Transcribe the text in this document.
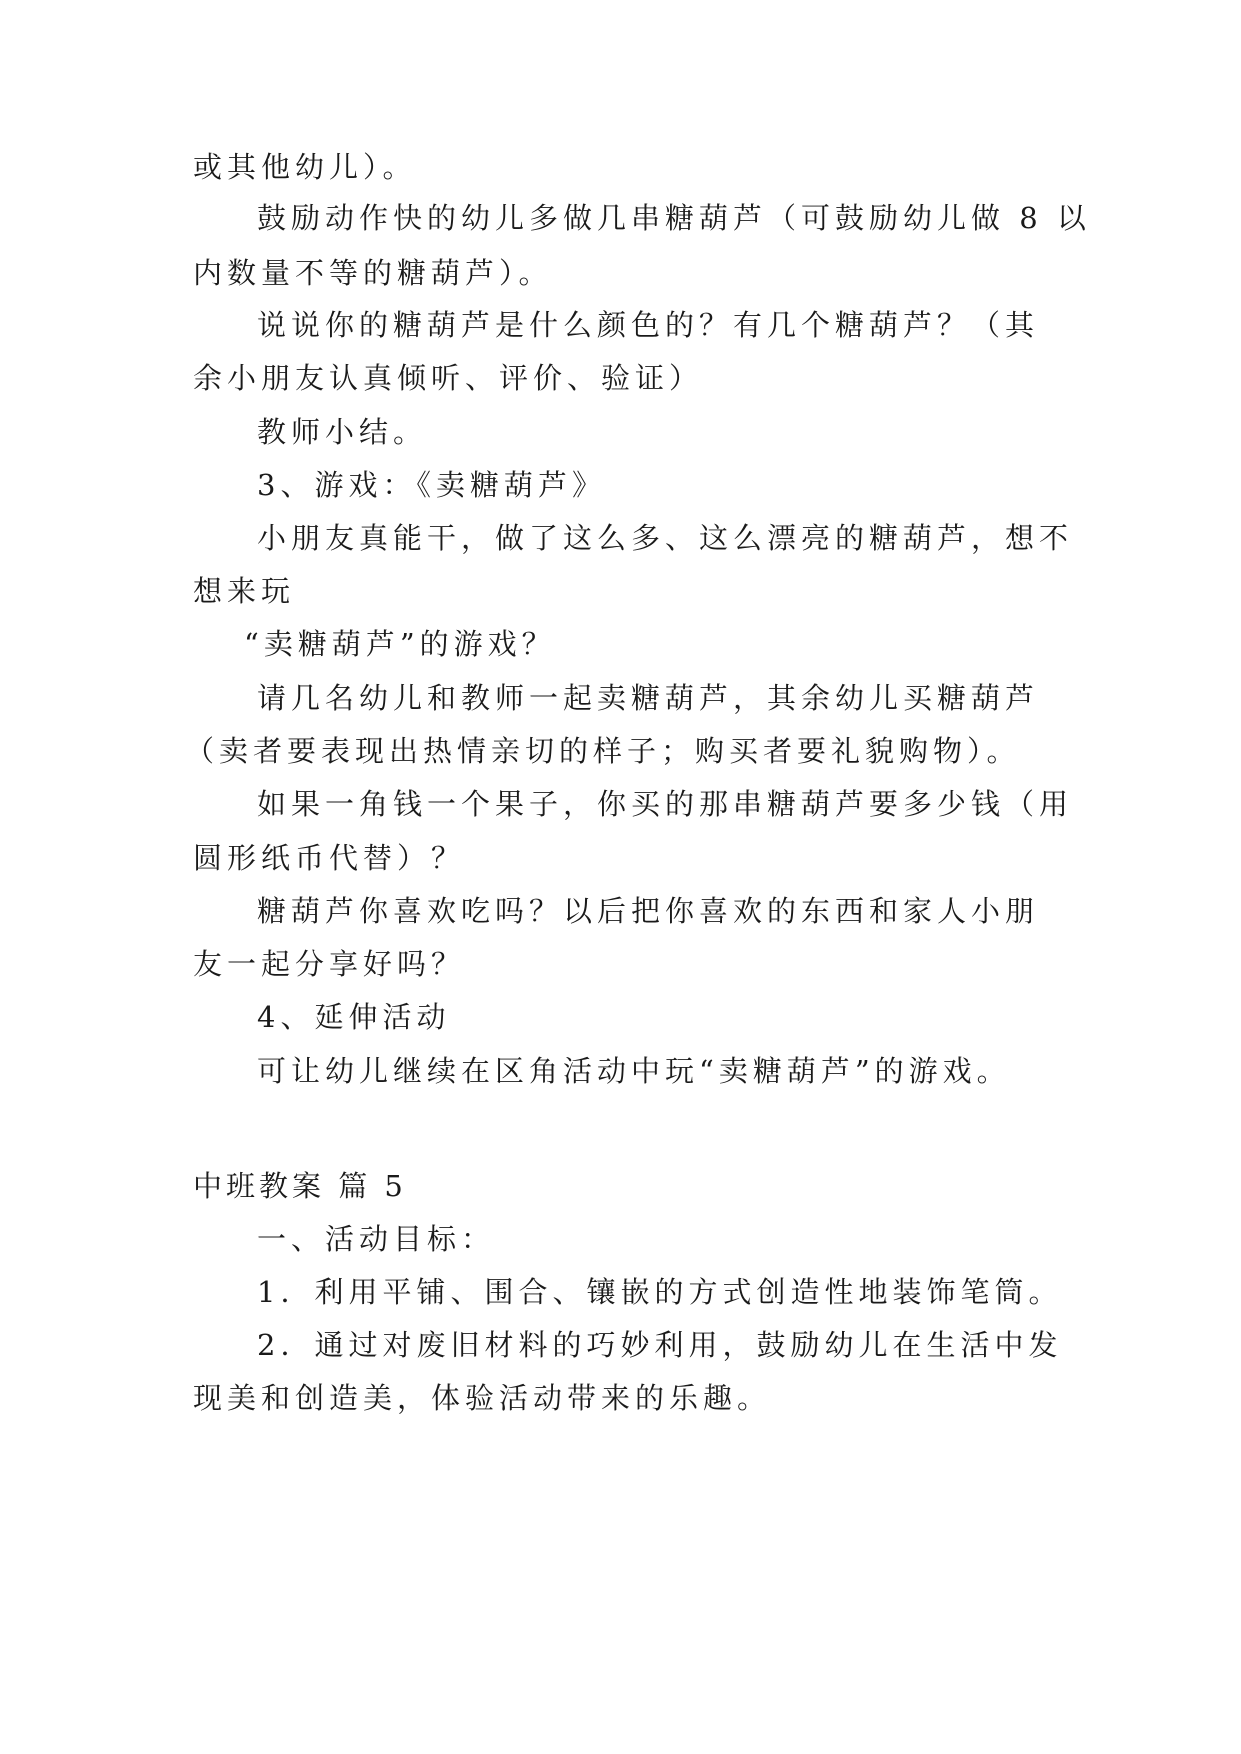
或其他幼儿）。

鼓励动作快的幼儿多做几串糖葫芦（可鼓励幼儿做 8 以

内数量不等的糖葫芦）。

说说你的糖葫芦是什么颜色的？有几个糖葫芦？（其

余小朋友认真倾听、评价、验证）

教师小结。

3、游戏：《卖糖葫芦》

小朋友真能干，做了这么多、这么漂亮的糖葫芦，想不

想来玩

“卖糖葫芦”的游戏？

请几名幼儿和教师一起卖糖葫芦，其余幼儿买糖葫芦

（卖者要表现出热情亲切的样子；购买者要礼貌购物）。

如果一角钱一个果子，你买的那串糖葫芦要多少钱（用

圆形纸币代替）？

糖葫芦你喜欢吃吗？以后把你喜欢的东西和家人小朋

友一起分享好吗？

4、延伸活动

可让幼儿继续在区角活动中玩“卖糖葫芦”的游戏。

中班教案 篇 5

一、活动目标：

1．利用平铺、围合、镶嵌的方式创造性地装饰笔筒。

2．通过对废旧材料的巧妙利用，鼓励幼儿在生活中发

现美和创造美，体验活动带来的乐趣。
